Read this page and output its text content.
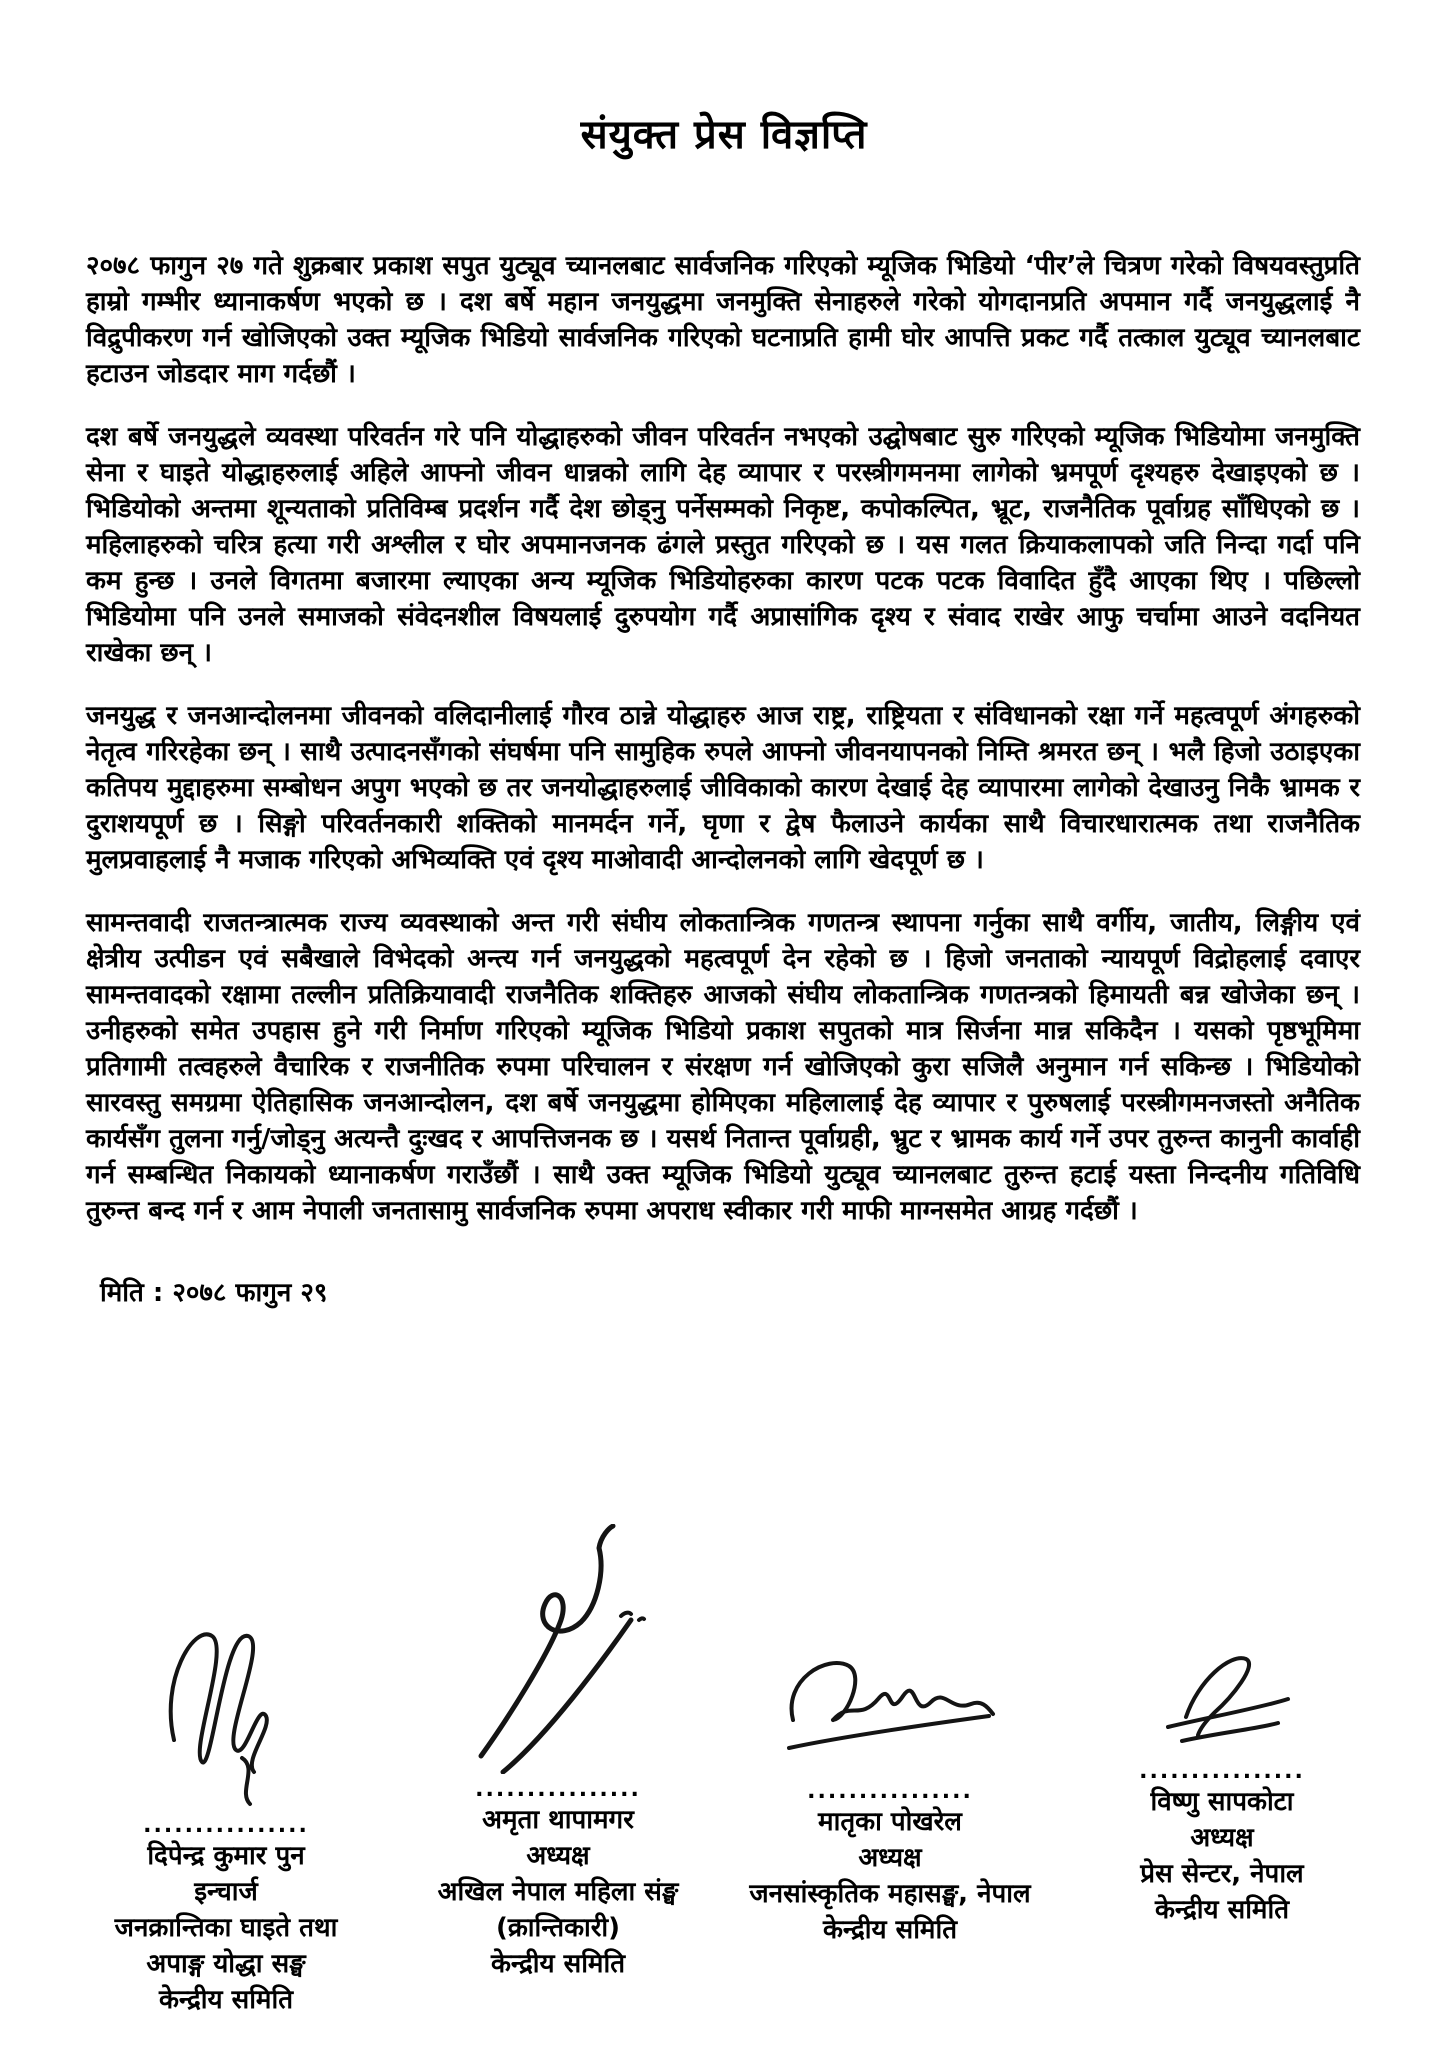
संयुक्त प्रेस विज्ञप्ति

२०७८ फागुन २७ गते शुक्रबार प्रकाश सपुत युट्यूव च्यानलबाट सार्वजनिक गरिएको म्यूजिक भिडियो ‘पीर’ले चित्रण गरेको विषयवस्तुप्रति हाम्रो गम्भीर ध्यानाकर्षण भएको छ । दश बर्षे महान जनयुद्धमा जनमुक्ति सेनाहरुले गरेको योगदानप्रति अपमान गर्दै जनयुद्धलाई नै विद्रुपीकरण गर्न खोजिएको उक्त म्यूजिक भिडियो सार्वजनिक गरिएको घटनाप्रति हामी घोर आपत्ति प्रकट गर्दै तत्काल युट्यूव च्यानलबाट हटाउन जोडदार माग गर्दछौं ।

दश बर्षे जनयुद्धले व्यवस्था परिवर्तन गरे पनि योद्धाहरुको जीवन परिवर्तन नभएको उद्घोषबाट सुरु गरिएको म्यूजिक भिडियोमा जनमुक्ति सेना र घाइते योद्धाहरुलाई अहिले आफ्नो जीवन धान्नको लागि देह व्यापार र परस्त्रीगमनमा लागेको भ्रमपूर्ण दृश्यहरु देखाइएको छ । भिडियोको अन्तमा शून्यताको प्रतिविम्ब प्रदर्शन गर्दै देश छोड्नु पर्नेसम्मको निकृष्ट, कपोकल्पित, भ्रूट, राजनैतिक पूर्वाग्रह साँधिएको छ । महिलाहरुको चरित्र हत्या गरी अश्लील र घोर अपमानजनक ढंगले प्रस्तुत गरिएको छ । यस गलत क्रियाकलापको जति निन्दा गर्दा पनि कम हुन्छ । उनले विगतमा बजारमा ल्याएका अन्य म्यूजिक भिडियोहरुका कारण पटक पटक विवादित हुँदै आएका थिए । पछिल्लो भिडियोमा पनि उनले समाजको संवेदनशील विषयलाई दुरुपयोग गर्दै अप्रासांगिक दृश्य र संवाद राखेर आफु चर्चामा आउने वदनियत राखेका छन् ।

जनयुद्ध र जनआन्दोलनमा जीवनको वलिदानीलाई गौरव ठान्ने योद्धाहरु आज राष्ट्र, राष्ट्रियता र संविधानको रक्षा गर्ने महत्वपूर्ण अंगहरुको नेतृत्व गरिरहेका छन् । साथै उत्पादनसँगको संघर्षमा पनि सामुहिक रुपले आफ्नो जीवनयापनको निम्ति श्रमरत छन् । भलै हिजो उठाइएका कतिपय मुद्दाहरुमा सम्बोधन अपुग भएको छ तर जनयोद्धाहरुलाई जीविकाको कारण देखाई देह व्यापारमा लागेको देखाउनु निकै भ्रामक र दुराशयपूर्ण छ । सिङ्गो परिवर्तनकारी शक्तिको मानमर्दन गर्ने, घृणा र द्वेष फैलाउने कार्यका साथै विचारधारात्मक तथा राजनैतिक मुलप्रवाहलाई नै मजाक गरिएको अभिव्यक्ति एवं दृश्य माओवादी आन्दोलनको लागि खेदपूर्ण छ ।

सामन्तवादी राजतन्त्रात्मक राज्य व्यवस्थाको अन्त गरी संघीय लोकतान्त्रिक गणतन्त्र स्थापना गर्नुका साथै वर्गीय, जातीय, लिङ्गीय एवं क्षेत्रीय उत्पीडन एवं सबैखाले विभेदको अन्त्य गर्न जनयुद्धको महत्वपूर्ण देन रहेको छ । हिजो जनताको न्यायपूर्ण विद्रोहलाई दवाएर सामन्तवादको रक्षामा तल्लीन प्रतिक्रियावादी राजनैतिक शक्तिहरु आजको संघीय लोकतान्त्रिक गणतन्त्रको हिमायती बन्न खोजेका छन् । उनीहरुको समेत उपहास हुने गरी निर्माण गरिएको म्यूजिक भिडियो प्रकाश सपुतको मात्र सिर्जना मान्न सकिदैन । यसको पृष्ठभूमिमा प्रतिगामी तत्वहरुले वैचारिक र राजनीतिक रुपमा परिचालन र संरक्षण गर्न खोजिएको कुरा सजिलै अनुमान गर्न सकिन्छ । भिडियोको सारवस्तु समग्रमा ऐतिहासिक जनआन्दोलन, दश बर्षे जनयुद्धमा होमिएका महिलालाई देह व्यापार र पुरुषलाई परस्त्रीगमनजस्तो अनैतिक कार्यसँग तुलना गर्नु/जोड्नु अत्यन्तै दुःखद र आपत्तिजनक छ । यसर्थ नितान्त पूर्वाग्रही, भ्रुट र भ्रामक कार्य गर्ने उपर तुरुन्त कानुनी कार्वाही गर्न सम्बन्धित निकायको ध्यानाकर्षण गराउँछौं । साथै उक्त म्यूजिक भिडियो युट्यूव च्यानलबाट तुरुन्त हटाई यस्ता निन्दनीय गतिविधि तुरुन्त बन्द गर्न र आम नेपाली जनतासामु सार्वजनिक रुपमा अपराध स्वीकार गरी माफी माग्नसमेत आग्रह गर्दछौं ।

मिति : २०७८ फागुन २९

................
दिपेन्द्र कुमार पुन
इन्चार्ज
जनक्रान्तिका घाइते तथा
अपाङ्ग योद्धा सङ्घ
केन्द्रीय समिति
................
अमृता थापामगर
अध्यक्ष
अखिल नेपाल महिला संङ्घ
(क्रान्तिकारी)
केन्द्रीय समिति
................
मातृका पोखरेल
अध्यक्ष
जनसांस्कृतिक महासङ्घ, नेपाल
केन्द्रीय समिति
................
विष्णु सापकोटा
अध्यक्ष
प्रेस सेन्टर, नेपाल
केन्द्रीय समिति
